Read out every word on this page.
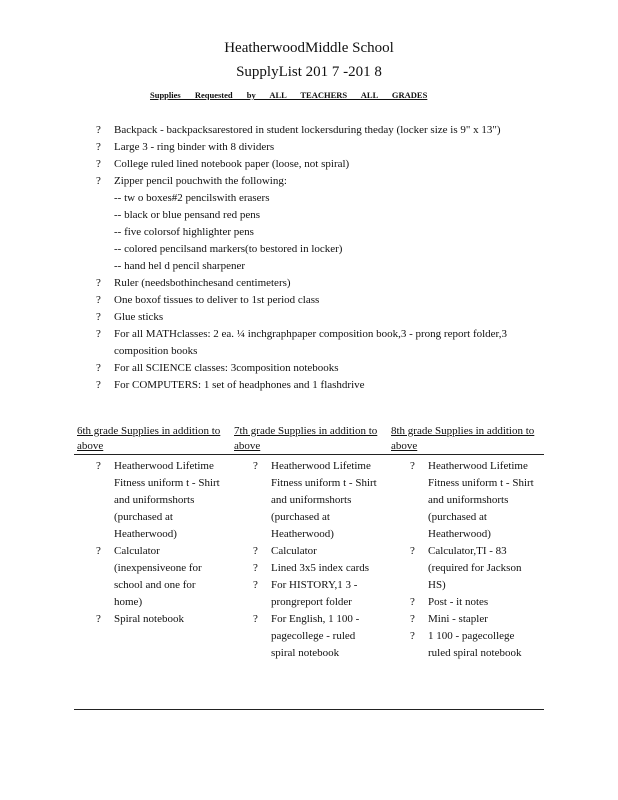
HeatherwoodMiddle School
SupplyList 201 7 -201 8
Supplies Requested by ALL TEACHERS ALL GRADES
? Backpack - backpacksarestored in student lockersduring theday (locker size is 9" x 13")
? Large 3 - ring binder with 8 dividers
? College ruled lined notebook paper (loose, not spiral)
? Zipper pencil pouchwith the following:
-- tw o boxes#2 pencilswith erasers
-- black or blue pensand red pens
-- five colorsof highlighter pens
-- colored pencilsand markers(to bestored in locker)
-- hand hel d pencil sharpener
? Ruler (needsbothinchesand centimeters)
? One boxof tissues to deliver to 1st period class
? Glue sticks
? For all MATHclasses: 2 ea. ¼ inchgraphpaper composition book,3 - prong report folder,3 composition books
? For all SCIENCE classes: 3composition notebooks
? For COMPUTERS: 1 set of headphones and 1 flashdrive
6th grade Supplies in addition to above
7th grade Supplies in addition to above
8th grade Supplies in addition to above
? Heatherwood Lifetime Fitness uniform t - Shirt and uniformshorts (purchased at Heatherwood)
? Calculator (inexpensiveone for school and one for home)
? Spiral notebook
? Heatherwood Lifetime Fitness uniform t - Shirt and uniformshorts (purchased at Heatherwood)
? Calculator
? Lined 3x5 index cards
? For HISTORY,1 3 - prongreport folder
? For English, 1 100 - pagecollege - ruled spiral notebook
? Heatherwood Lifetime Fitness uniform t - Shirt and uniformshorts (purchased at Heatherwood)
? Calculator,TI - 83 (required for Jackson HS)
? Post - it notes
? Mini - stapler
? 1 100 - pagecollege ruled spiral notebook
